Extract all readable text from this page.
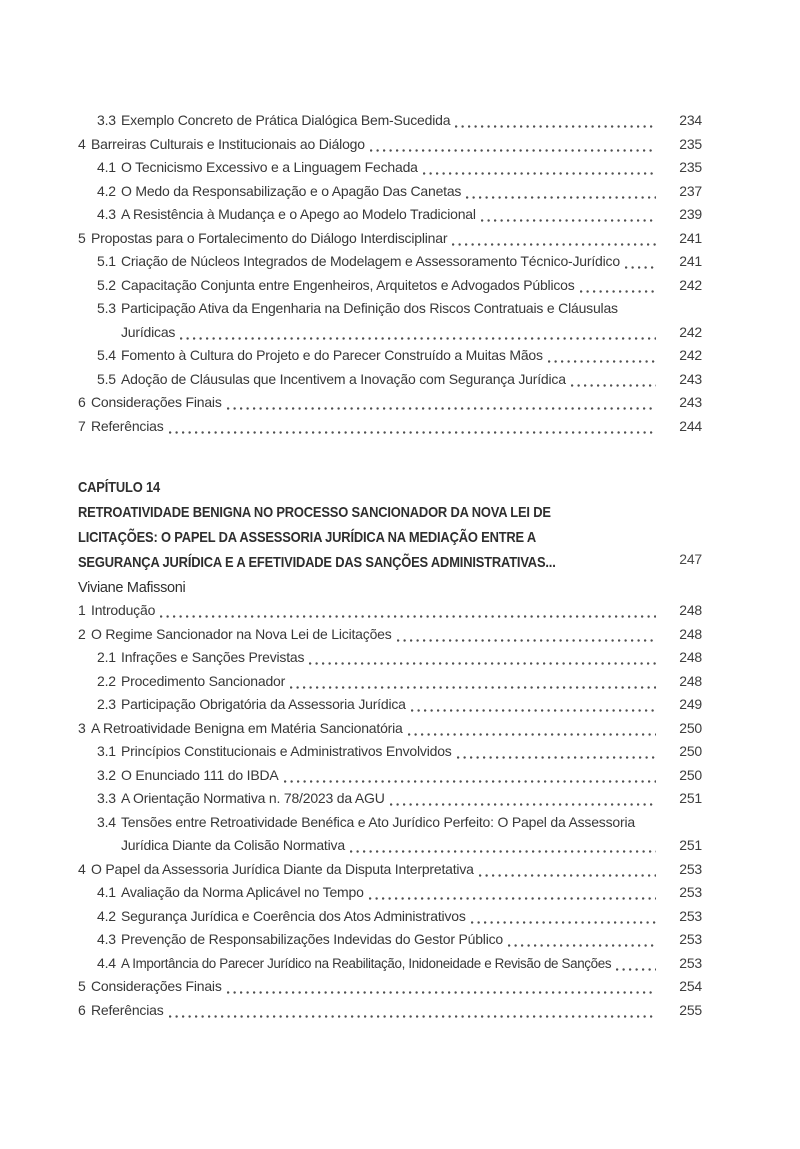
3.3 Exemplo Concreto de Prática Dialógica Bem-Sucedida	234
4 Barreiras Culturais e Institucionais ao Diálogo	235
4.1 O Tecnicismo Excessivo e a Linguagem Fechada	235
4.2 O Medo da Responsabilização e o Apagão Das Canetas	237
4.3 A Resistência à Mudança e o Apego ao Modelo Tradicional	239
5 Propostas para o Fortalecimento do Diálogo Interdisciplinar	241
5.1 Criação de Núcleos Integrados de Modelagem e Assessoramento Técnico-Jurídico	241
5.2 Capacitação Conjunta entre Engenheiros, Arquitetos e Advogados Públicos	242
5.3 Participação Ativa da Engenharia na Definição dos Riscos Contratuais e Cláusulas
Jurídicas	242
5.4 Fomento à Cultura do Projeto e do Parecer Construído a Muitas Mãos	242
5.5 Adoção de Cláusulas que Incentivem a Inovação com Segurança Jurídica	243
6 Considerações Finais	243
7 Referências	244
CAPÍTULO 14
RETROATIVIDADE BENIGNA NO PROCESSO SANCIONADOR DA NOVA LEI DE
LICITAÇÕES: O PAPEL DA ASSESSORIA JURÍDICA NA MEDIAÇÃO ENTRE A
SEGURANÇA JURÍDICA E A EFETIVIDADE DAS SANÇÕES ADMINISTRATIVAS...	247
Viviane Mafissoni
1 Introdução	248
2 O Regime Sancionador na Nova Lei de Licitações	248
2.1 Infrações e Sanções Previstas	248
2.2 Procedimento Sancionador	248
2.3 Participação Obrigatória da Assessoria Jurídica	249
3 A Retroatividade Benigna em Matéria Sancionatória	250
3.1 Princípios Constitucionais e Administrativos Envolvidos	250
3.2 O Enunciado 111 do IBDA	250
3.3 A Orientação Normativa n. 78/2023 da AGU	251
3.4 Tensões entre Retroatividade Benéfica e Ato Jurídico Perfeito: O Papel da Assessoria
Jurídica Diante da Colisão Normativa	251
4 O Papel da Assessoria Jurídica Diante da Disputa Interpretativa	253
4.1 Avaliação da Norma Aplicável no Tempo	253
4.2 Segurança Jurídica e Coerência dos Atos Administrativos	253
4.3 Prevenção de Responsabilizações Indevidas do Gestor Público	253
4.4 A Importância do Parecer Jurídico na Reabilitação, Inidoneidade e Revisão de Sanções	253
5 Considerações Finais	254
6 Referências	255
